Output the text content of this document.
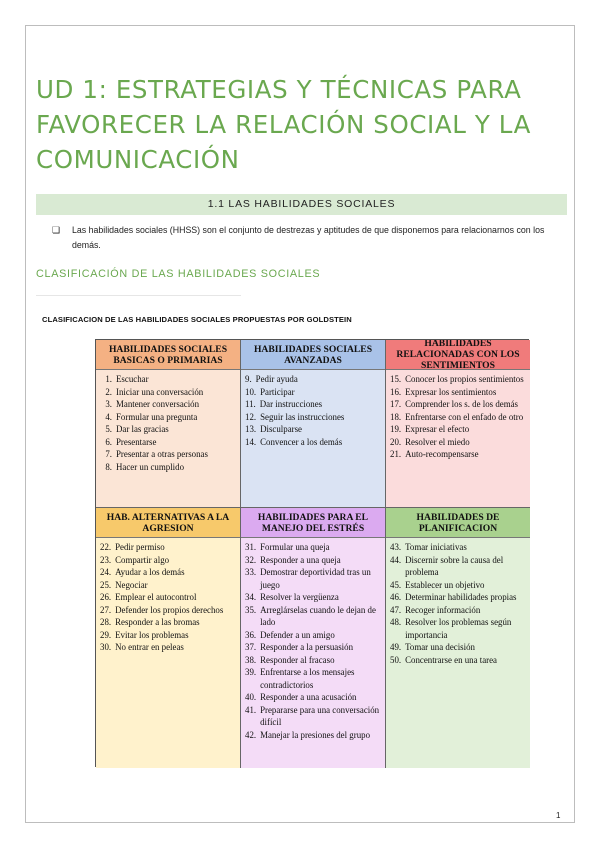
UD 1: ESTRATEGIAS Y TÉCNICAS PARA FAVORECER LA RELACIÓN SOCIAL Y LA COMUNICACIÓN
1.1 LAS HABILIDADES SOCIALES
❏	Las habilidades sociales (HHSS) son el conjunto de destrezas y aptitudes de que disponemos para relacionarnos con los demás.
CLASIFICACIÓN DE LAS HABILIDADES SOCIALES
CLASIFICACION DE LAS HABILIDADES SOCIALES PROPUESTAS POR GOLDSTEIN
HABILIDADES SOCIALES BASICAS O PRIMARIAS
1. Escuchar
2. Iniciar una conversación
3. Mantener conversación
4. Formular una pregunta
5. Dar las gracias
6. Presentarse
7. Presentar a otras personas
8. Hacer un cumplido
HABILIDADES SOCIALES AVANZADAS
9. Pedir ayuda
10. Participar
11. Dar instrucciones
12. Seguir las instrucciones
13. Disculparse
14. Convencer a los demás
HABILIDADES RELACIONADAS CON LOS SENTIMIENTOS
15. Conocer los propios sentimientos
16. Expresar los sentimientos
17. Comprender los s. de los demás
18. Enfrentarse con el enfado de otro
19. Expresar el efecto
20. Resolver el miedo
21. Auto-recompensarse
HAB. ALTERNATIVAS A LA AGRESION
22. Pedir permiso
23. Compartir algo
24. Ayudar a los demás
25. Negociar
26. Emplear el autocontrol
27. Defender los propios derechos
28. Responder a las bromas
29. Evitar los problemas
30. No entrar en peleas
HABILIDADES PARA EL MANEJO DEL ESTRÉS
31. Formular una queja
32. Responder a una queja
33. Demostrar deportividad tras un juego
34. Resolver la vergüenza
35. Arreglárselas cuando le dejan de lado
36. Defender a un amigo
37. Responder a la persuasión
38. Responder al fracaso
39. Enfrentarse a los mensajes contradictorios
40. Responder a una acusación
41. Prepararse para una conversación difícil
42. Manejar la presiones del grupo
HABILIDADES DE PLANIFICACION
43. Tomar iniciativas
44. Discernir sobre la causa del problema
45. Establecer un objetivo
46. Determinar habilidades propias
47. Recoger información
48. Resolver los problemas según importancia
49. Tomar una decisión
50. Concentrarse en una tarea
1
